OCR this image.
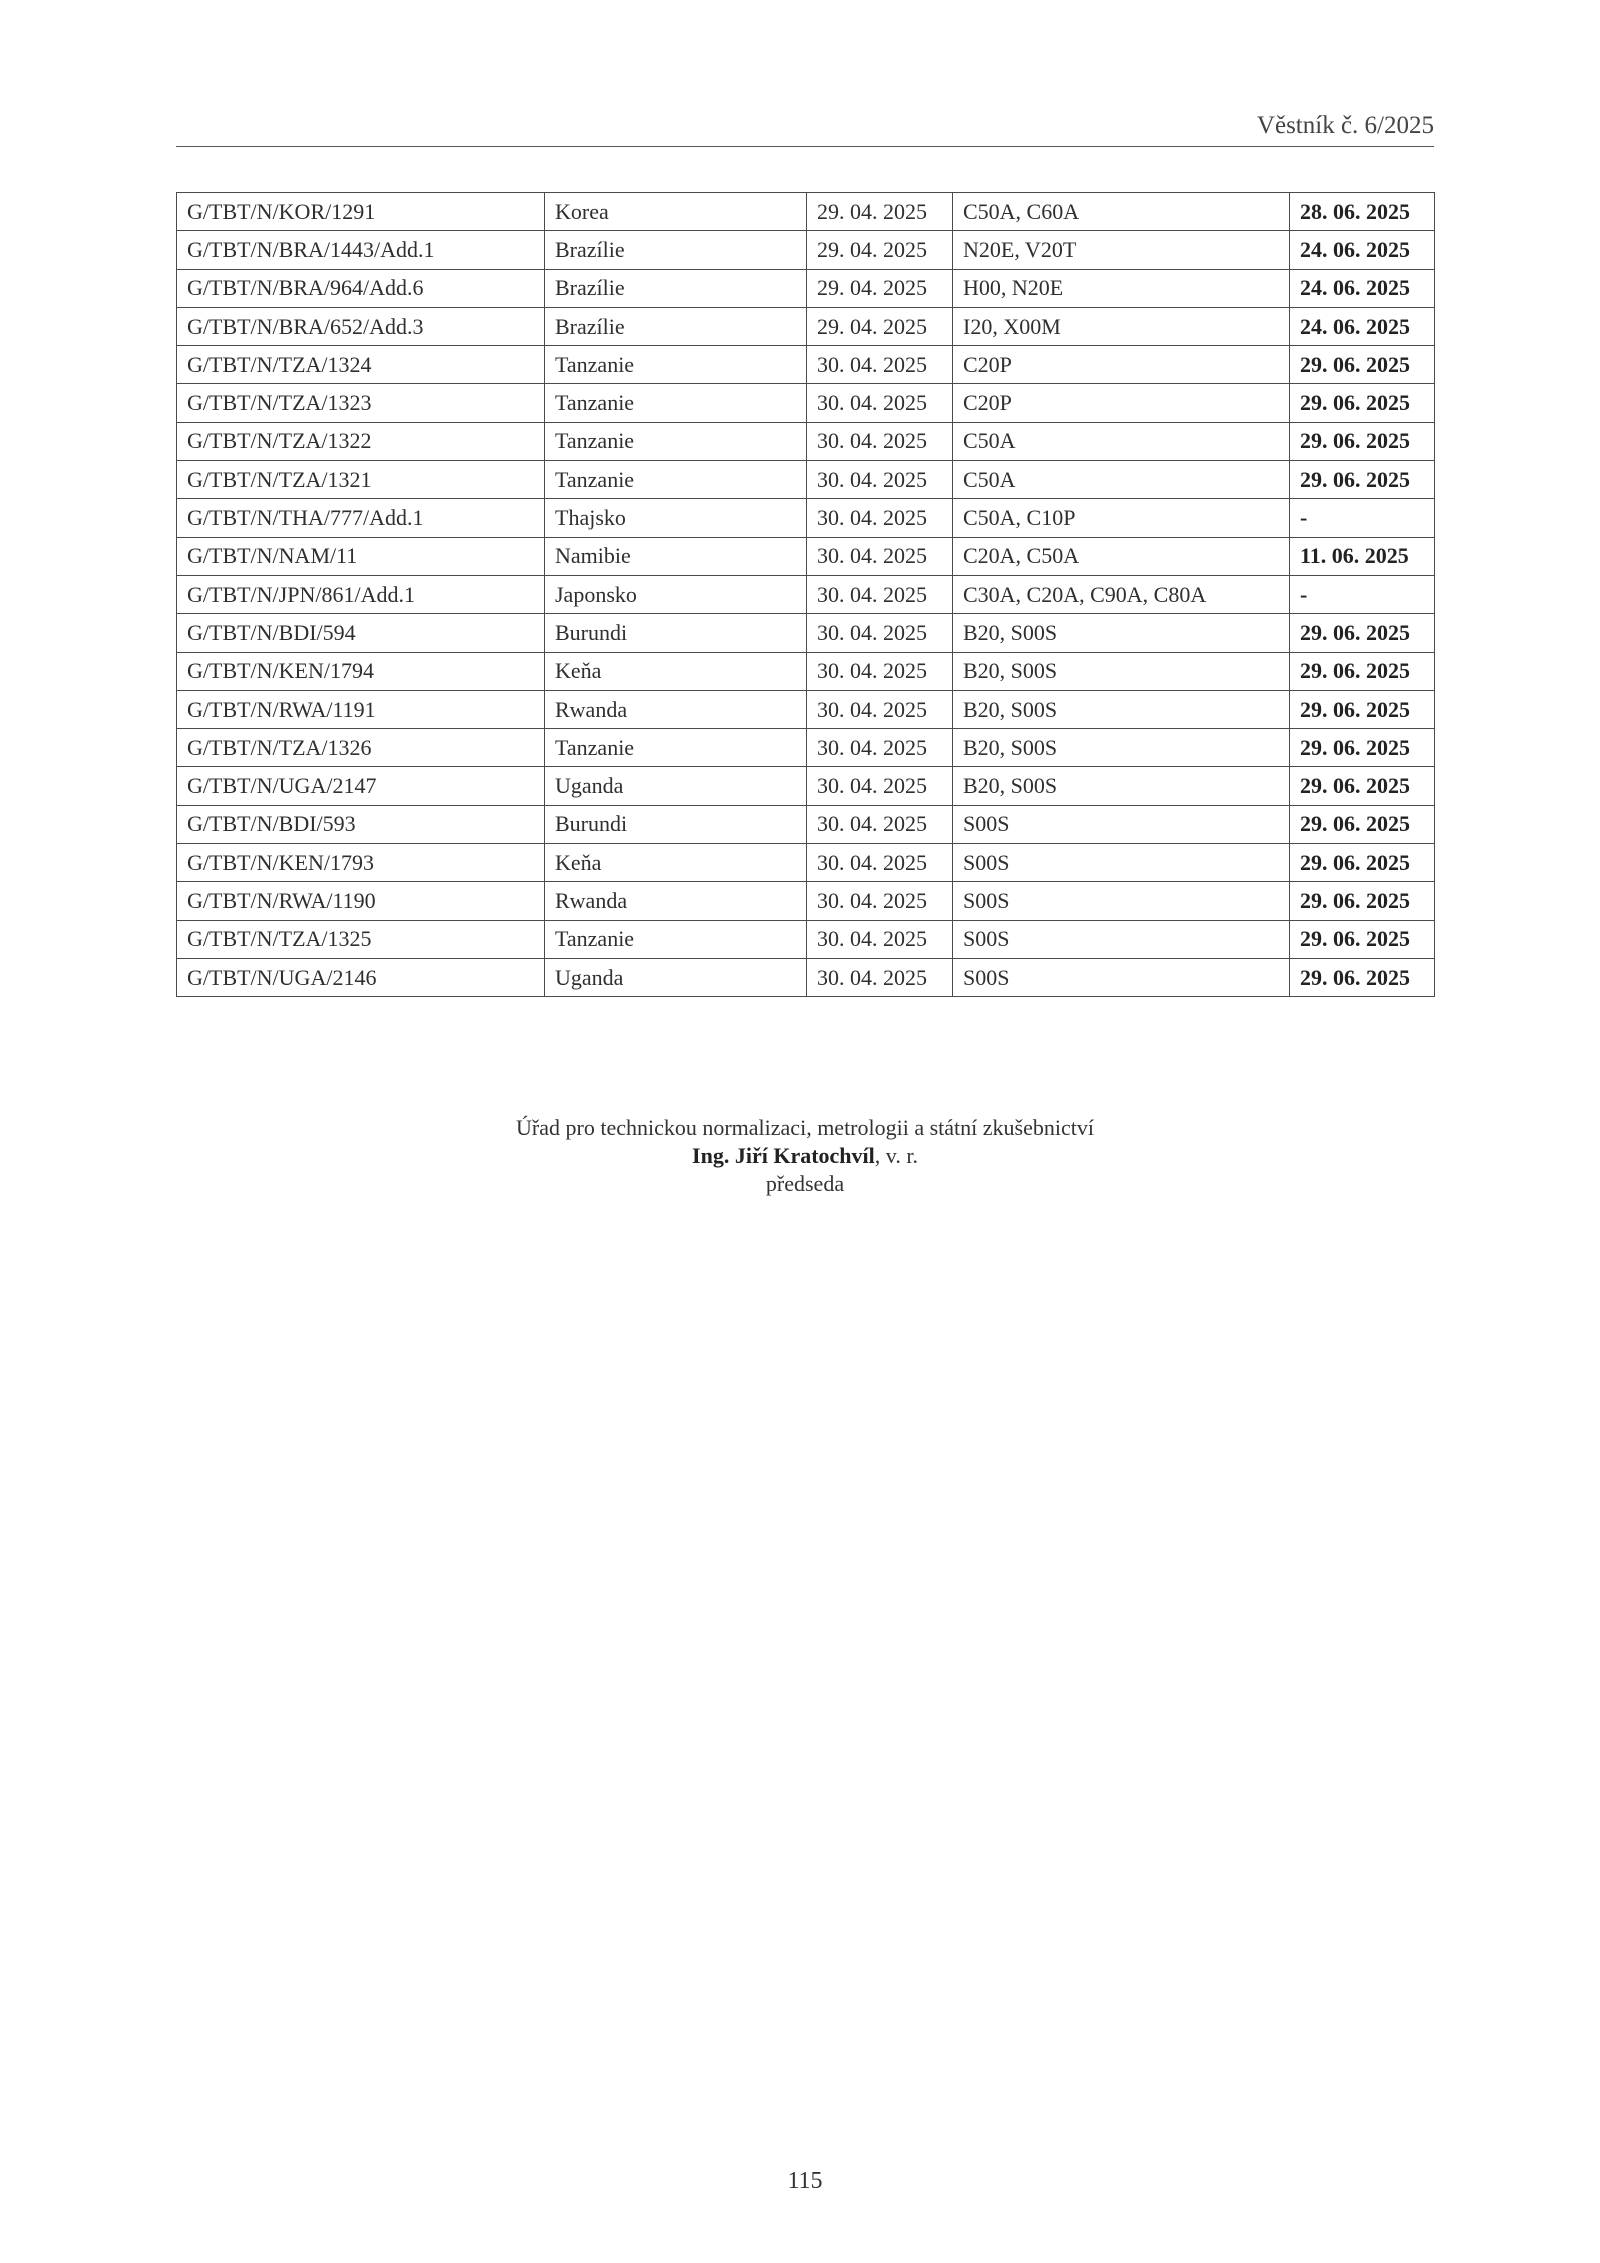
Věstník č. 6/2025
G/TBT/N/KOR/1291	Korea	29. 04. 2025	C50A, C60A	28. 06. 2025
G/TBT/N/BRA/1443/Add.1	Brazílie	29. 04. 2025	N20E, V20T	24. 06. 2025
G/TBT/N/BRA/964/Add.6	Brazílie	29. 04. 2025	H00, N20E	24. 06. 2025
G/TBT/N/BRA/652/Add.3	Brazílie	29. 04. 2025	I20, X00M	24. 06. 2025
G/TBT/N/TZA/1324	Tanzanie	30. 04. 2025	C20P	29. 06. 2025
G/TBT/N/TZA/1323	Tanzanie	30. 04. 2025	C20P	29. 06. 2025
G/TBT/N/TZA/1322	Tanzanie	30. 04. 2025	C50A	29. 06. 2025
G/TBT/N/TZA/1321	Tanzanie	30. 04. 2025	C50A	29. 06. 2025
G/TBT/N/THA/777/Add.1	Thajsko	30. 04. 2025	C50A, C10P	-
G/TBT/N/NAM/11	Namibie	30. 04. 2025	C20A, C50A	11. 06. 2025
G/TBT/N/JPN/861/Add.1	Japonsko	30. 04. 2025	C30A, C20A, C90A, C80A	-
G/TBT/N/BDI/594	Burundi	30. 04. 2025	B20, S00S	29. 06. 2025
G/TBT/N/KEN/1794	Keňa	30. 04. 2025	B20, S00S	29. 06. 2025
G/TBT/N/RWA/1191	Rwanda	30. 04. 2025	B20, S00S	29. 06. 2025
G/TBT/N/TZA/1326	Tanzanie	30. 04. 2025	B20, S00S	29. 06. 2025
G/TBT/N/UGA/2147	Uganda	30. 04. 2025	B20, S00S	29. 06. 2025
G/TBT/N/BDI/593	Burundi	30. 04. 2025	S00S	29. 06. 2025
G/TBT/N/KEN/1793	Keňa	30. 04. 2025	S00S	29. 06. 2025
G/TBT/N/RWA/1190	Rwanda	30. 04. 2025	S00S	29. 06. 2025
G/TBT/N/TZA/1325	Tanzanie	30. 04. 2025	S00S	29. 06. 2025
G/TBT/N/UGA/2146	Uganda	30. 04. 2025	S00S	29. 06. 2025
Úřad pro technickou normalizaci, metrologii a státní zkušebnictví
Ing. Jiří Kratochvíl, v. r.
předseda
115
